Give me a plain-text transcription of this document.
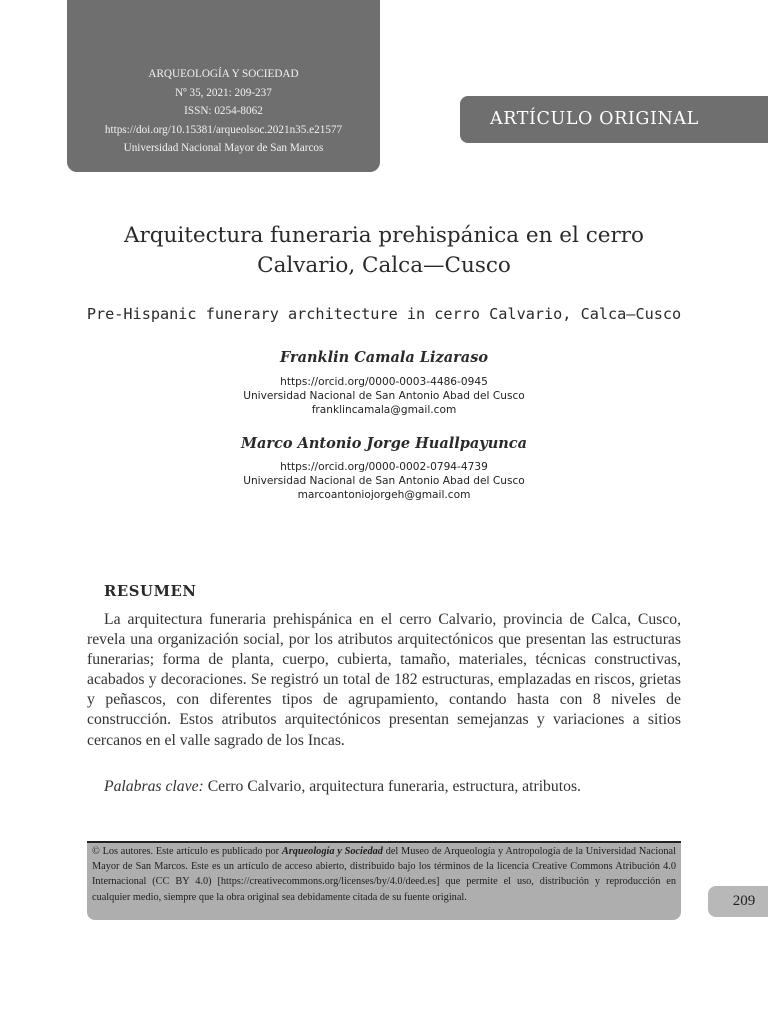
ARQUEOLOGÍA Y SOCIEDAD
Nº 35, 2021: 209-237
ISSN: 0254-8062
https://doi.org/10.15381/arqueolsoc.2021n35.e21577
Universidad Nacional Mayor de San Marcos
ARTÍCULO ORIGINAL
Arquitectura funeraria prehispánica en el cerro
Calvario, Calca—Cusco
Pre-Hispanic funerary architecture in cerro Calvario, Calca—Cusco
Franklin Camala Lizaraso
https://orcid.org/0000-0003-4486-0945
Universidad Nacional de San Antonio Abad del Cusco
franklincamala@gmail.com
Marco Antonio Jorge Huallpayunca
https://orcid.org/0000-0002-0794-4739
Universidad Nacional de San Antonio Abad del Cusco
marcoantoniojorgeh@gmail.com
RESUMEN
La arquitectura funeraria prehispánica en el cerro Calvario, provincia de Calca, Cusco, revela una organización social, por los atributos arquitectónicos que presentan las estructuras funerarias; forma de planta, cuerpo, cubierta, tamaño, materiales, técnicas constructivas, acabados y decoraciones. Se registró un total de 182 estructuras, emplazadas en riscos, grietas y peñascos, con diferentes tipos de agrupamiento, contando hasta con 8 niveles de construcción. Estos atributos arquitectónicos presentan semejanzas y variaciones a sitios cercanos en el valle sagrado de los Incas.
Palabras clave: Cerro Calvario, arquitectura funeraria, estructura, atributos.
© Los autores. Este artículo es publicado por Arqueología y Sociedad del Museo de Arqueología y Antropología de la Universidad Nacional Mayor de San Marcos. Este es un artículo de acceso abierto, distribuido bajo los términos de la licencia Creative Commons Atribución 4.0 Internacional (CC BY 4.0) [https://creativecommons.org/licenses/by/4.0/deed.es] que permite el uso, distribución y reproducción en cualquier medio, siempre que la obra original sea debidamente citada de su fuente original.	209
